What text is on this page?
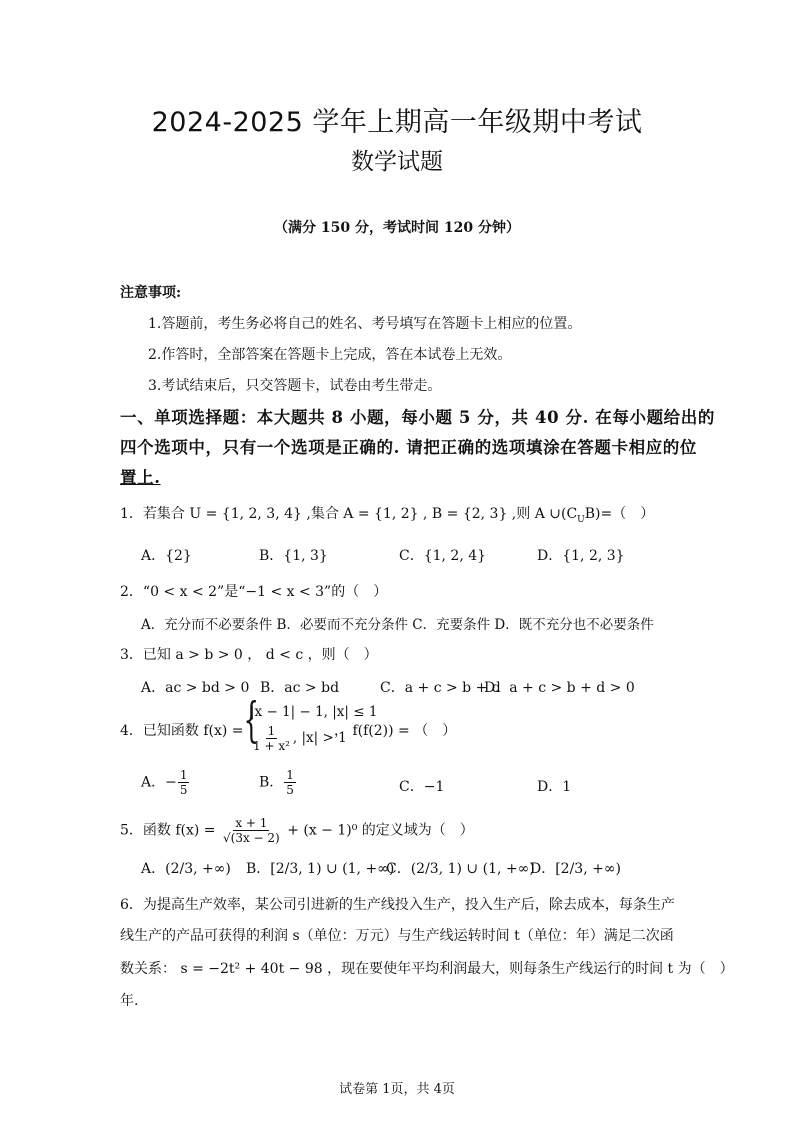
2024-2025 学年上期高一年级期中考试
数学试题
（满分 150 分，考试时间 120 分钟）
注意事项:
1.答题前，考生务必将自己的姓名、考号填写在答题卡上相应的位置。
2.作答时，全部答案在答题卡上完成，答在本试卷上无效。
3.考试结束后，只交答题卡，试卷由考生带走。
一、单项选择题：本大题共 8 小题，每小题 5 分，共 40 分. 在每小题给出的
四个选项中，只有一个选项是正确的. 请把正确的选项填涂在答题卡相应的位
置上.
1．若集合 U = {1, 2, 3, 4} ,集合 A = {1, 2} , B = {2, 3} ,则 A $\cup(C_UB)=$（　）
A．{2}	B．{1, 3}	C．{1, 2, 4}	D．{1, 2, 3}
2．“0 < x < 2”是“−1 < x < 3”的（　）
A．充分而不必要条件 B．必要而不充分条件 C．充要条件 D．既不充分也不必要条件
3．已知 a > b > 0 ， d < c ，则（　）
A．ac > bd > 0 B．ac > bd	C．a + c > b + d
D．a + c > b + d > 0
4．已知函数 f(x) = {
|x − 1| − 1, |x| ≤ 1
$\frac{1}{\text{1 + x²}}$ , |x| > 1
， f(f(2)) = （　）
A．− $\frac{1}{5}$	B． $\frac{1}{5}$	C．−1	D．1
5．函数 $f(x) = \frac{x + 1}{√(3x - 2)} + (x - 1)^0$ 的定义域为（　）
A．(2/3, +∞) B．[2/3, 1) ∪ (1, +∞)
C．(2/3, 1) ∪ (1, +∞)
D．[2/3, +∞)
6．为提高生产效率，某公司引进新的生产线投入生产，投入生产后，除去成本，每条生产
线生产的产品可获得的利润 s（单位：万元）与生产线运转时间 t（单位：年）满足二次函
数关系： s = −2t² + 40t − 98 ，现在要使年平均利润最大，则每条生产线运行的时间 t 为（　）
年.
试卷第 1页，共 4页
